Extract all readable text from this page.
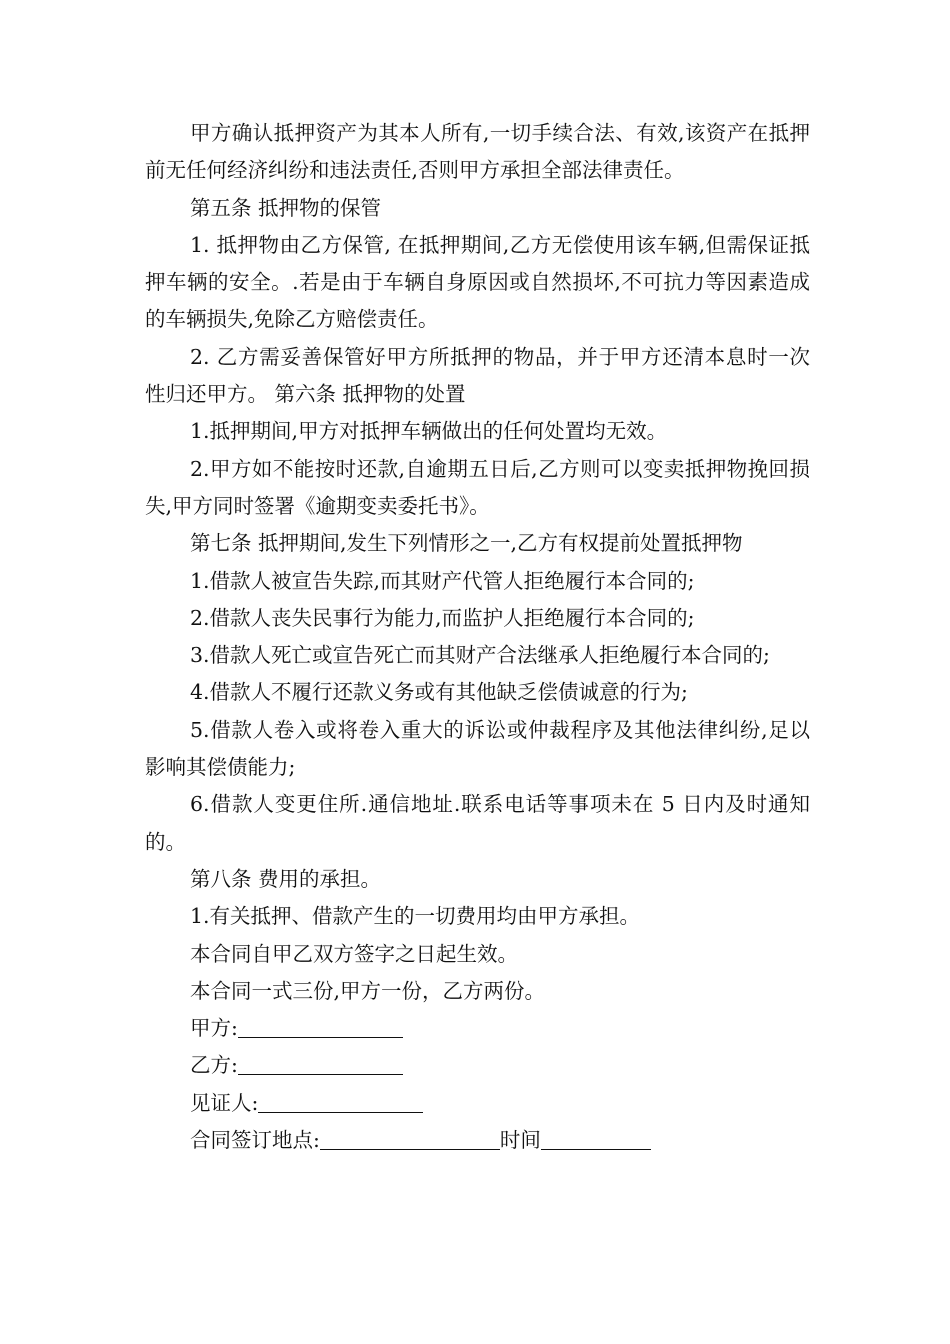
甲方确认抵押资产为其本人所有,一切手续合法、有效,该资产在抵押前无任何经济纠纷和违法责任,否则甲方承担全部法律责任。

第五条 抵押物的保管

1. 抵押物由乙方保管, 在抵押期间,乙方无偿使用该车辆,但需保证抵押车辆的安全。.若是由于车辆自身原因或自然损坏,不可抗力等因素造成的车辆损失,免除乙方赔偿责任。

2. 乙方需妥善保管好甲方所抵押的物品，并于甲方还清本息时一次性归还甲方。 第六条 抵押物的处置

1.抵押期间,甲方对抵押车辆做出的任何处置均无效。

2.甲方如不能按时还款,自逾期五日后,乙方则可以变卖抵押物挽回损失,甲方同时签署《逾期变卖委托书》。

第七条 抵押期间,发生下列情形之一,乙方有权提前处置抵押物

1.借款人被宣告失踪,而其财产代管人拒绝履行本合同的;

2.借款人丧失民事行为能力,而监护人拒绝履行本合同的;

3.借款人死亡或宣告死亡而其财产合法继承人拒绝履行本合同的;

4.借款人不履行还款义务或有其他缺乏偿债诚意的行为;

5.借款人卷入或将卷入重大的诉讼或仲裁程序及其他法律纠纷,足以影响其偿债能力;

6.借款人变更住所.通信地址.联系电话等事项未在 5 日内及时通知的。

第八条 费用的承担。

1.有关抵押、借款产生的一切费用均由甲方承担。

本合同自甲乙双方签字之日起生效。

本合同一式三份,甲方一份，乙方两份。

甲方:

乙方:

见证人:

合同签订地点:	时间
